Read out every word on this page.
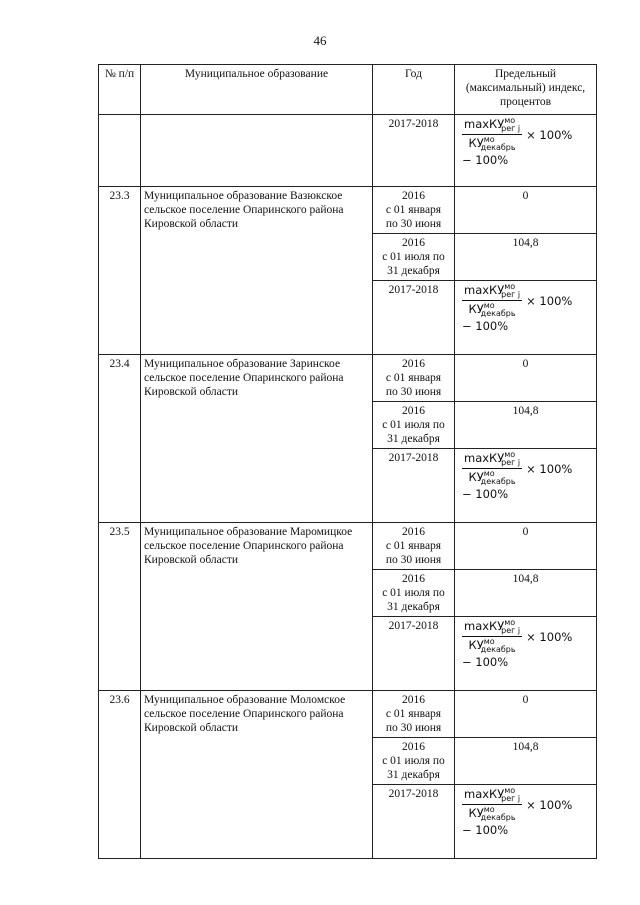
46
№ п/п	Муниципальное образование	Год	Предельный (максимальный) индекс, процентов
		2017-2018	$\frac{\max КУ^{мо}_{рег j}}{КУ^{мо}_{декабрь}} \times 100\%$
− 100%

23.3	Муниципальное образование Вазюкское сельское поселение Опаринского района Кировской области	2016
с 01 января
по 30 июня	0
		2016
с 01 июля по
31 декабря	104,8
		2017-2018	$\frac{\max КУ^{мо}_{рег j}}{КУ^{мо}_{декабрь}} \times 100\%$
− 100%

23.4	Муниципальное образование Заринское сельское поселение Опаринского района Кировской области	2016
с 01 января
по 30 июня	0
		2016
с 01 июля по
31 декабря	104,8
		2017-2018	$\frac{\max КУ^{мо}_{рег j}}{КУ^{мо}_{декабрь}} \times 100\%$
− 100%

23.5	Муниципальное образование Маромицкое сельское поселение Опаринского района Кировской области	2016
с 01 января
по 30 июня	0
		2016
с 01 июля по
31 декабря	104,8
		2017-2018	$\frac{\max КУ^{мо}_{рег j}}{КУ^{мо}_{декабрь}} \times 100\%$
− 100%

23.6	Муниципальное образование Моломское сельское поселение Опаринского района Кировской области	2016
с 01 января
по 30 июня	0
		2016
с 01 июля по
31 декабря	104,8
		2017-2018	$\frac{\max КУ^{мо}_{рег j}}{КУ^{мо}_{декабрь}} \times 100\%$
− 100%
